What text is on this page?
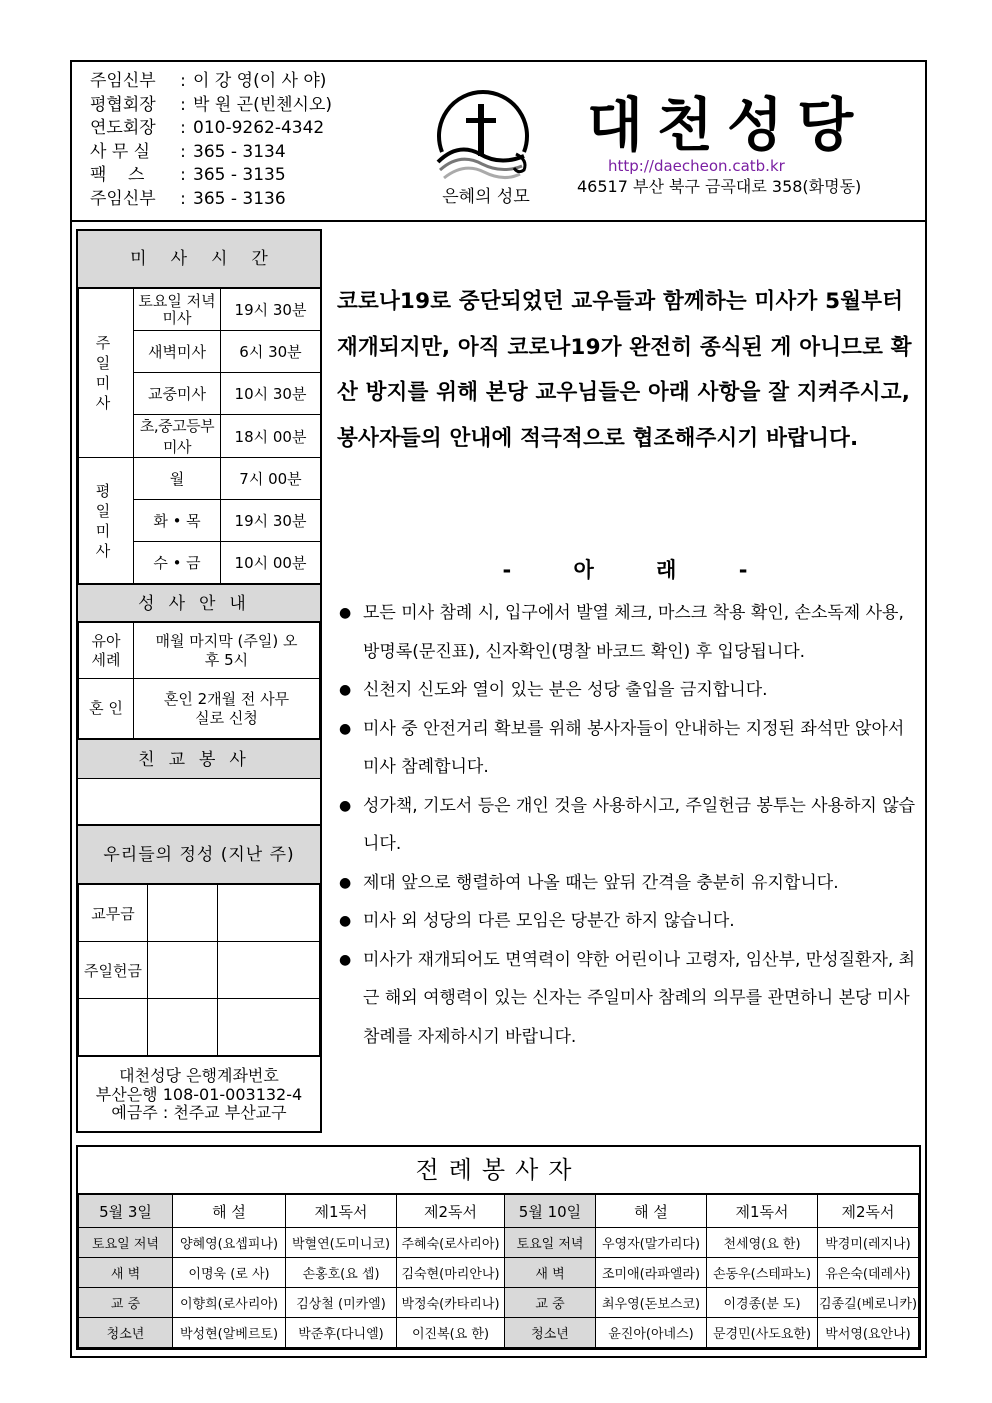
주임신부	: 이 강 영(이 사 야)
평협회장	: 박 원 곤(빈첸시오)
연도회장	: 010-9262-4342
사 무 실	: 365 - 3134
팩    스	: 365 - 3135
주임신부	: 365 - 3136	은혜의 성모
대천성당
http://daecheon.catb.kr
46517 부산 북구 금곡대로 358(화명동)
미사시간
주일미사	토요일 저녁미사	19시 30분
	새벽미사	6시 30분
	교중미사	10시 30분
	초,중고등부미사	18시 00분
평일미사	월	7시 00분
	화 • 목	19시 30분
	수 • 금	10시 00분
성사안내
유아 세례	매월 마지막 (주일) 오후 5시
혼 인	혼인 2개월 전 사무실로 신청
친교봉사
우리들의 정성 (지난 주)
교무금		
주일헌금		

대천성당 은행계좌번호
부산은행 108-01-003132-4
예금주 : 천주교 부산교구
코로나19로 중단되었던 교우들과 함께하는 미사가 5월부터 재개되지만, 아직 코로나19가 완전히 종식된 게 아니므로 확산 방지를 위해 본당 교우님들은 아래 사항을 잘 지켜주시고, 봉사자들의 안내에 적극적으로 협조해주시기 바랍니다.
- 아 래 -
● 모든 미사 참례 시, 입구에서 발열 체크, 마스크 착용 확인, 손소독제 사용, 방명록(문진표), 신자확인(명찰 바코드 확인) 후 입당됩니다.
● 신천지 신도와 열이 있는 분은 성당 출입을 금지합니다.
● 미사 중 안전거리 확보를 위해 봉사자들이 안내하는 지정된 좌석만 앉아서 미사 참례합니다.
● 성가책, 기도서 등은 개인 것을 사용하시고, 주일헌금 봉투는 사용하지 않습니다.
● 제대 앞으로 행렬하여 나올 때는 앞뒤 간격을 충분히 유지합니다.
● 미사 외 성당의 다른 모임은 당분간 하지 않습니다.
● 미사가 재개되어도 면역력이 약한 어린이나 고령자, 임산부, 만성질환자, 최근 해외 여행력이 있는 신자는 주일미사 참례의 의무를 관면하니 본당 미사참례를 자제하시기 바랍니다.
전례봉사자
5월 3일	해 설	제1독서	제2독서	5월 10일	해 설	제1독서	제2독서
토요일 저녁	양혜영(요셉피나)	박혈연(도미니코)	주혜숙(로사리아)	토요일 저녁	우영자(말가리다)	천세영(요 한)	박경미(레지나)
새 벽	이명욱 (로 사)	손홍호(요 셉)	김숙현(마리안나)	새 벽	조미애(라파엘라)	손동우(스테파노)	유은숙(데레사)
교 중	이향희(로사리아)	김상철 (미카엘)	박정숙(카타리나)	교 중	최우영(돈보스코)	이경종(분 도)	김종길(베로니카)
청소년	박성현(알베르토)	박준후(다니엘)	이진복(요 한)	청소년	윤진아(아네스)	문경민(사도요한)	박서영(요안나)
